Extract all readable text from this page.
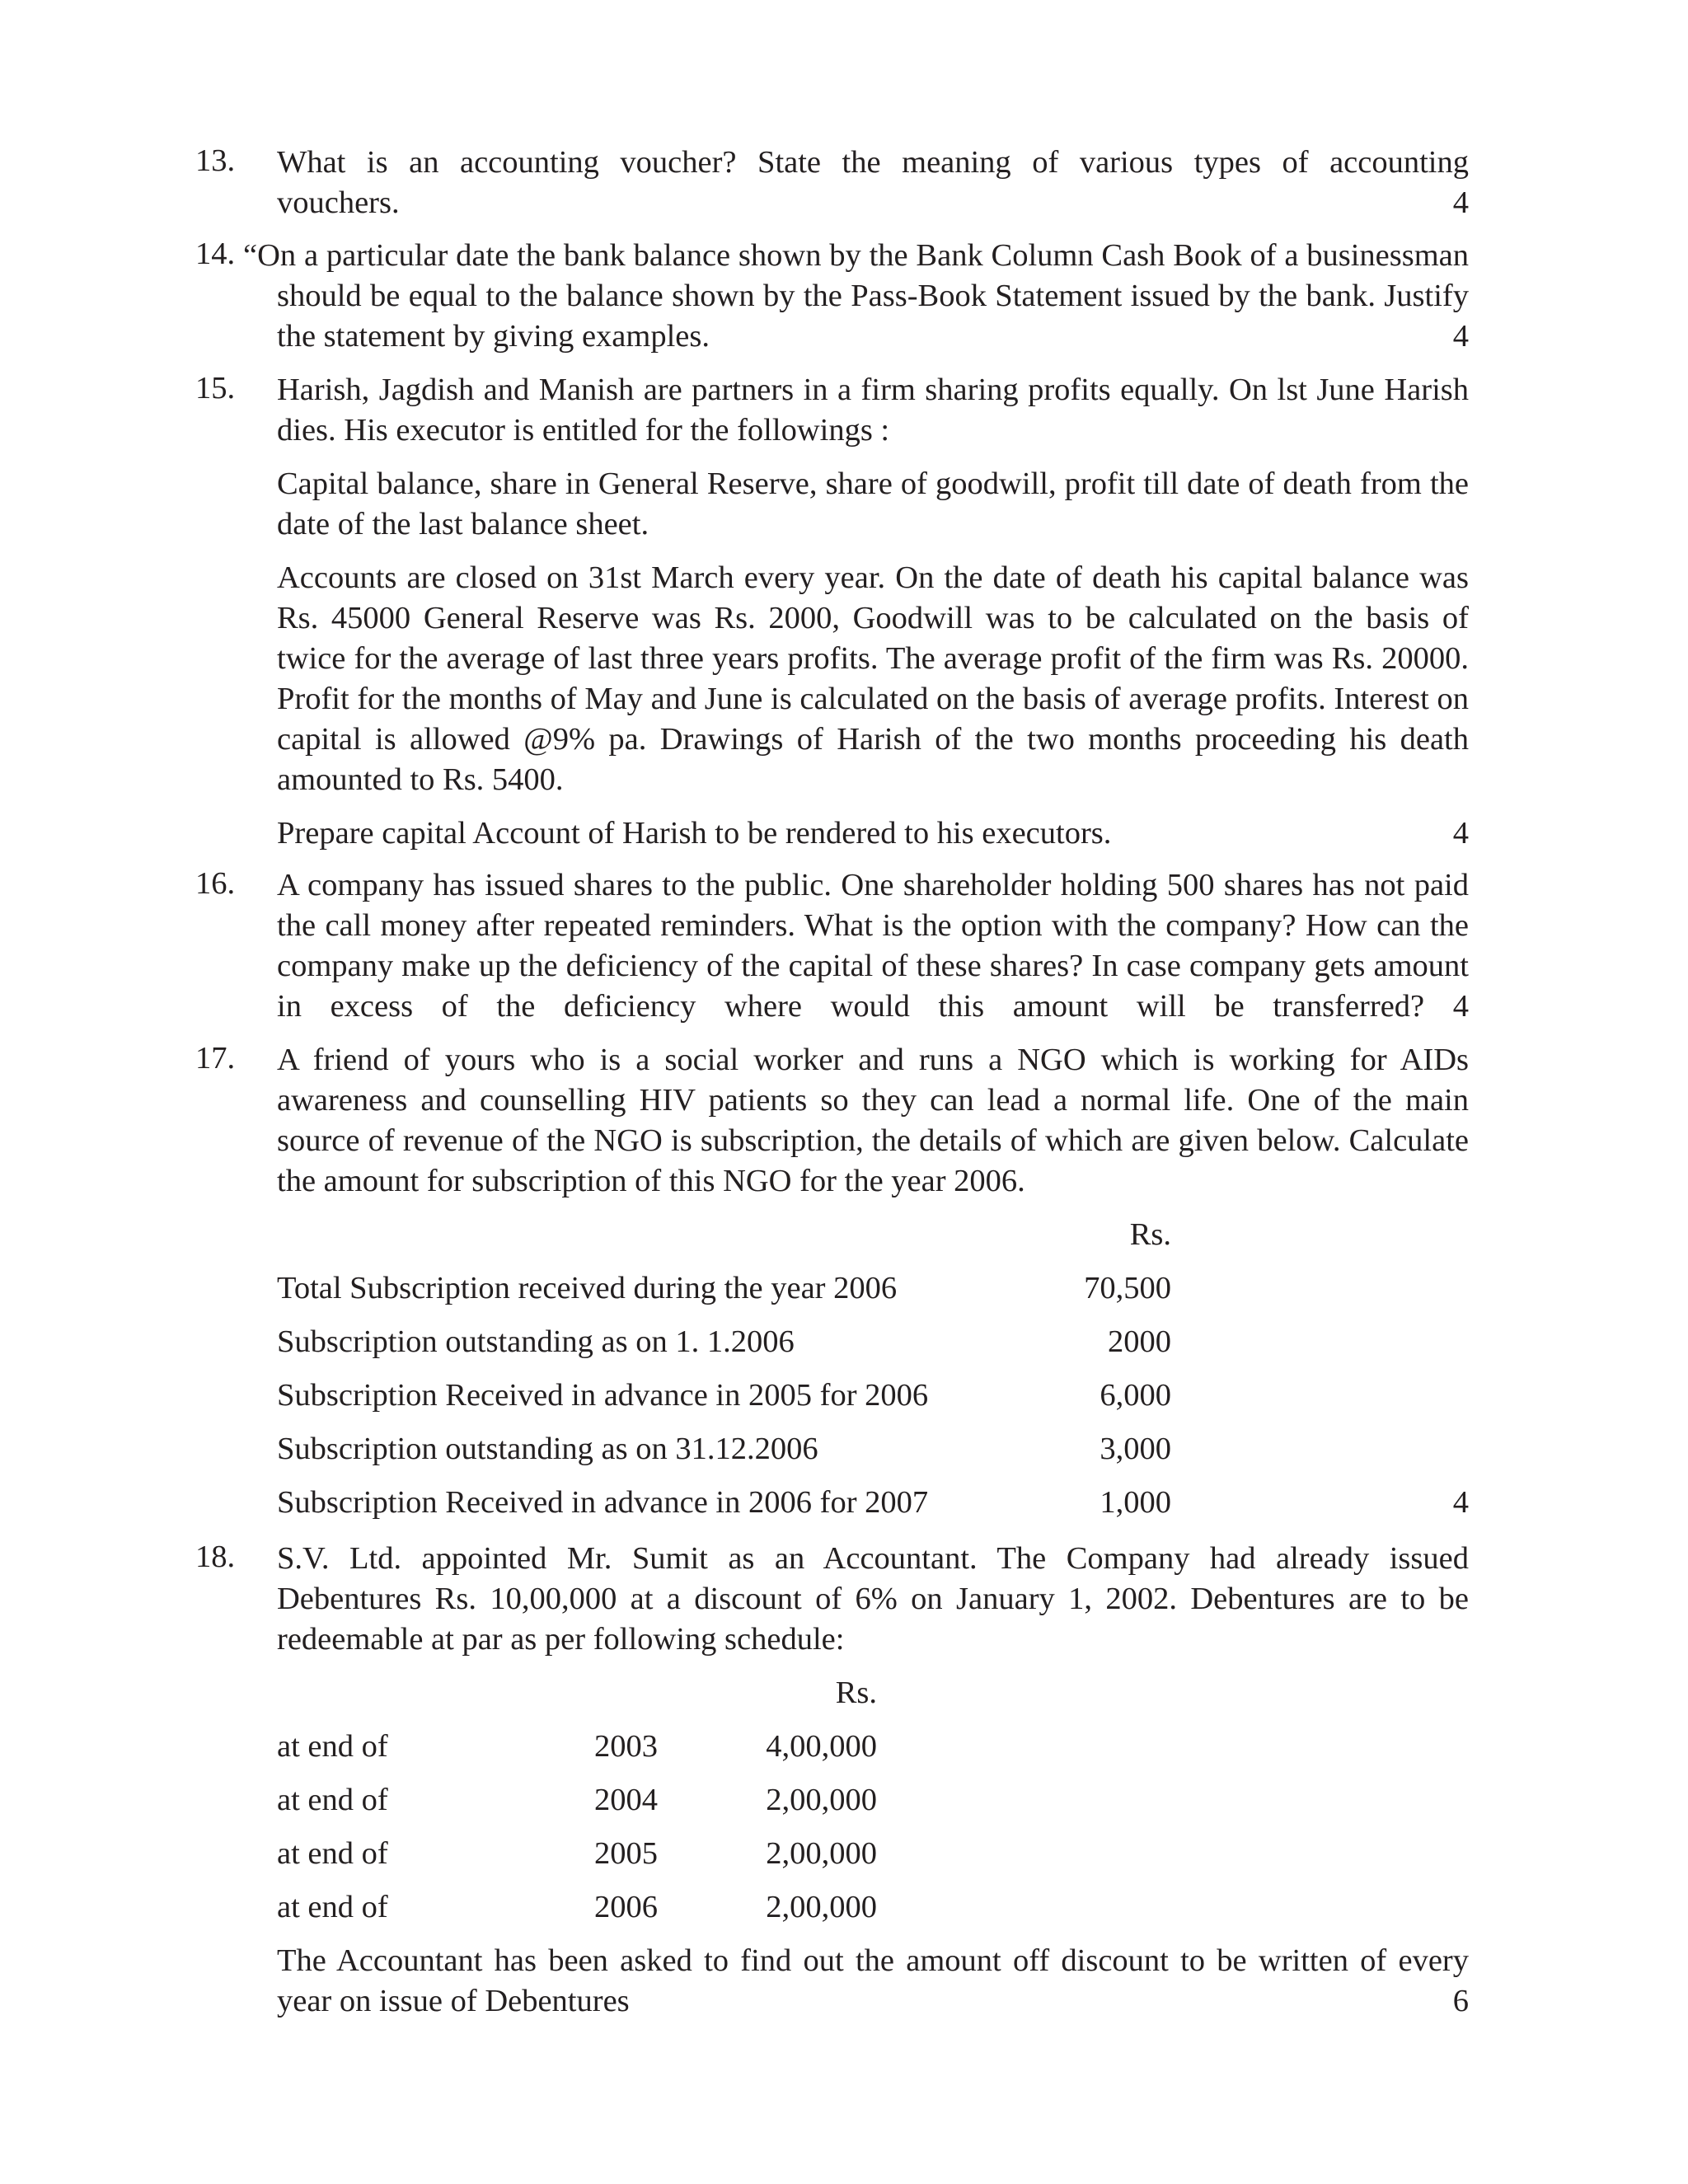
13. What is an accounting voucher? State the meaning of various types of accounting
vouchers.	4
14. “On a particular date the bank balance shown by the Bank Column Cash Book of a businessman
should be equal to the balance shown by the Pass-Book Statement issued by the bank. Justify
the statement by giving examples.	4
15. Harish, Jagdish and Manish are partners in a firm sharing profits equally. On lst June Harish dies. His executor is entitled for the followings :

Capital balance, share in General Reserve, share of goodwill, profit till date of death from the date of the last balance sheet.

Accounts are closed on 31st March every year. On the date of death his capital balance was Rs. 45000 General Reserve was Rs. 2000, Goodwill was to be calculated on the basis of twice for the average of last three years profits. The average profit of the firm was Rs. 20000. Profit for the months of May and June is calculated on the basis of average profits. Interest on capital is allowed @9% pa. Drawings of Harish of the two months proceeding his death amounted to Rs. 5400.

Prepare capital Account of Harish to be rendered to his executors.	4
16. A company has issued shares to the public. One shareholder holding 500 shares has not paid the call money after repeated reminders. What is the option with the company? How can the company make up the deficiency of the capital of these shares? In case company gets amount in excess of the deficiency where would this amount will be transferred? 4

17. A friend of yours who is a social worker and runs a NGO which is working for AIDs awareness and counselling HIV patients so they can lead a normal life. One of the main source of revenue of the NGO is subscription, the details of which are given below. Calculate the amount for subscription of this NGO for the year 2006.

Rs.
Total Subscription received during the year 2006	70,500
Subscription outstanding as on 1. 1.2006	2000
Subscription Received in advance in 2005 for 2006	6,000
Subscription outstanding as on 31.12.2006	3,000
Subscription Received in advance in 2006 for 2007	1,000	4
18. S.V. Ltd. appointed Mr. Sumit as an Accountant. The Company had already issued Debentures Rs. 10,00,000 at a discount of 6% on January 1, 2002. Debentures are to be redeemable at par as per following schedule:

Rs.
at end of	2003	4,00,000
at end of	2004	2,00,000
at end of	2005	2,00,000
at end of	2006	2,00,000
The Accountant has been asked to find out the amount off discount to be written of every
year on issue of Debentures	6
